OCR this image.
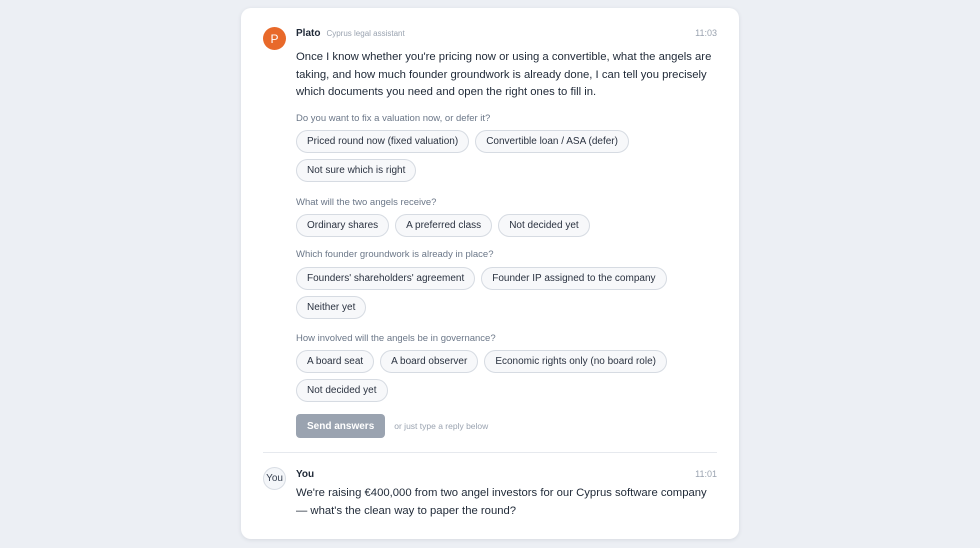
P Plato Cyprus legal assistant	11:03
Once I know whether you're pricing now or using a convertible, what the angels are taking, and how much founder groundwork is already done, I can tell you precisely which documents you need and open the right ones to fill in.
Do you want to fix a valuation now, or defer it?
Priced round now (fixed valuation)	Convertible loan / ASA (defer)
Not sure which is right
What will the two angels receive?
Ordinary shares	A preferred class	Not decided yet
Which founder groundwork is already in place?
Founders' shareholders' agreement	Founder IP assigned to the company
Neither yet
How involved will the angels be in governance?
A board seat	A board observer	Economic rights only (no board role)
Not decided yet
Send answers	or just type a reply below
You You	11:01
We're raising €400,000 from two angel investors for our Cyprus software company — what's the clean way to paper the round?
